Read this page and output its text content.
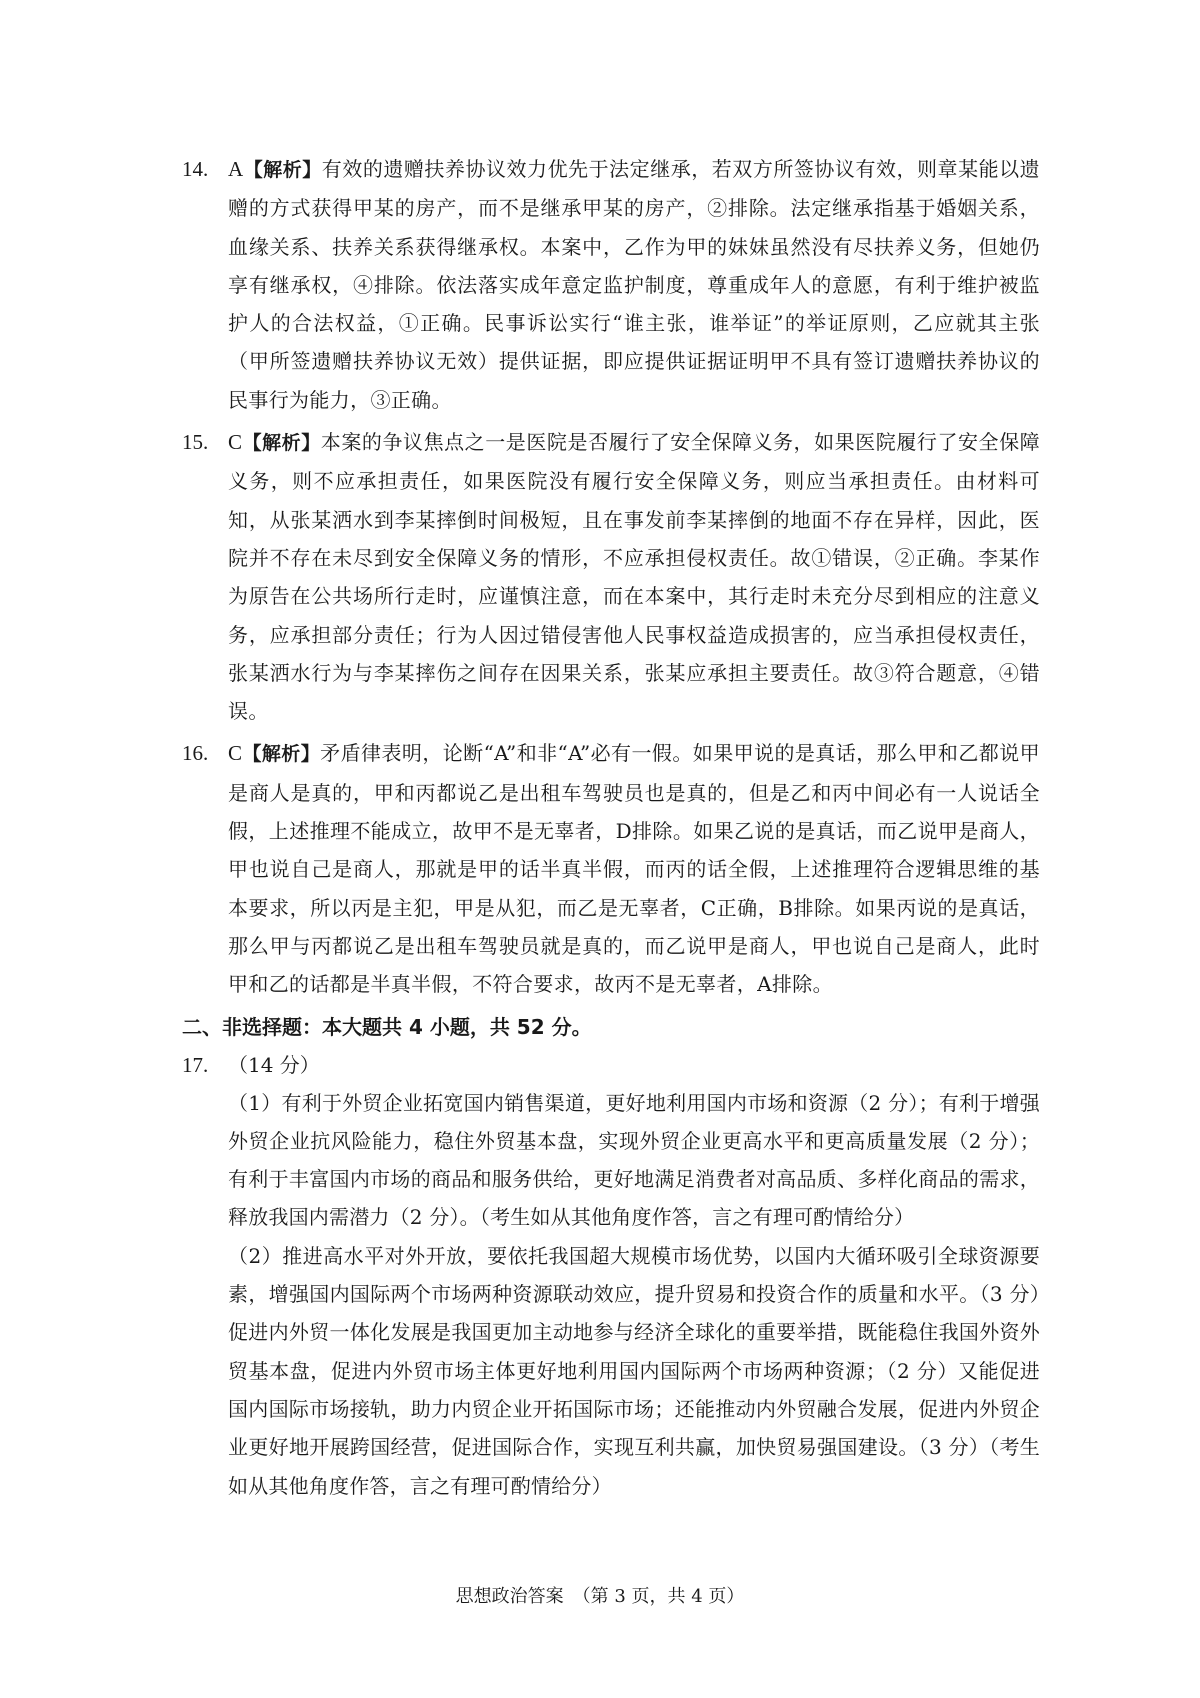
14. A【解析】有效的遗赠扶养协议效力优先于法定继承，若双方所签协议有效，则章某能以遗赠的方式获得甲某的房产，而不是继承甲某的房产，②排除。法定继承指基于婚姻关系，血缘关系、扶养关系获得继承权。本案中，乙作为甲的妹妹虽然没有尽扶养义务，但她仍享有继承权，④排除。依法落实成年意定监护制度，尊重成年人的意愿，有利于维护被监护人的合法权益，①正确。民事诉讼实行“谁主张，谁举证”的举证原则，乙应就其主张（甲所签遗赠扶养协议无效）提供证据，即应提供证据证明甲不具有签订遗赠扶养协议的民事行为能力，③正确。
15. C【解析】本案的争议焦点之一是医院是否履行了安全保障义务，如果医院履行了安全保障义务，则不应承担责任，如果医院没有履行安全保障义务，则应当承担责任。由材料可知，从张某洒水到李某摔倒时间极短，且在事发前李某摔倒的地面不存在异样，因此，医院并不存在未尽到安全保障义务的情形，不应承担侵权责任。故①错误，②正确。李某作为原告在公共场所行走时，应谨慎注意，而在本案中，其行走时未充分尽到相应的注意义务，应承担部分责任；行为人因过错侵害他人民事权益造成损害的，应当承担侵权责任，张某洒水行为与李某摔伤之间存在因果关系，张某应承担主要责任。故③符合题意，④错误。
16. C【解析】矛盾律表明，论断“A”和非“A”必有一假。如果甲说的是真话，那么甲和乙都说甲是商人是真的，甲和丙都说乙是出租车驾驶员也是真的，但是乙和丙中间必有一人说话全假，上述推理不能成立，故甲不是无辜者，D排除。如果乙说的是真话，而乙说甲是商人，甲也说自己是商人，那就是甲的话半真半假，而丙的话全假，上述推理符合逻辑思维的基本要求，所以丙是主犯，甲是从犯，而乙是无辜者，C正确，B排除。如果丙说的是真话，那么甲与丙都说乙是出租车驾驶员就是真的，而乙说甲是商人，甲也说自己是商人，此时甲和乙的话都是半真半假，不符合要求，故丙不是无辜者，A排除。
二、非选择题：本大题共 4 小题，共 52 分。
17. （14 分）
（1）有利于外贸企业拓宽国内销售渠道，更好地利用国内市场和资源（2 分）；有利于增强外贸企业抗风险能力，稳住外贸基本盘，实现外贸企业更高水平和更高质量发展（2 分）；有利于丰富国内市场的商品和服务供给，更好地满足消费者对高品质、多样化商品的需求，释放我国内需潜力（2 分）。（考生如从其他角度作答，言之有理可酌情给分）
（2）推进高水平对外开放，要依托我国超大规模市场优势，以国内大循环吸引全球资源要素，增强国内国际两个市场两种资源联动效应，提升贸易和投资合作的质量和水平。（3 分）促进内外贸一体化发展是我国更加主动地参与经济全球化的重要举措，既能稳住我国外资外贸基本盘，促进内外贸市场主体更好地利用国内国际两个市场两种资源；（2 分）又能促进国内国际市场接轨，助力内贸企业开拓国际市场；还能推动内外贸融合发展，促进内外贸企业更好地开展跨国经营，促进国际合作，实现互利共赢，加快贸易强国建设。（3 分）（考生如从其他角度作答，言之有理可酌情给分）
思想政治答案　（第 3 页，共 4 页）
